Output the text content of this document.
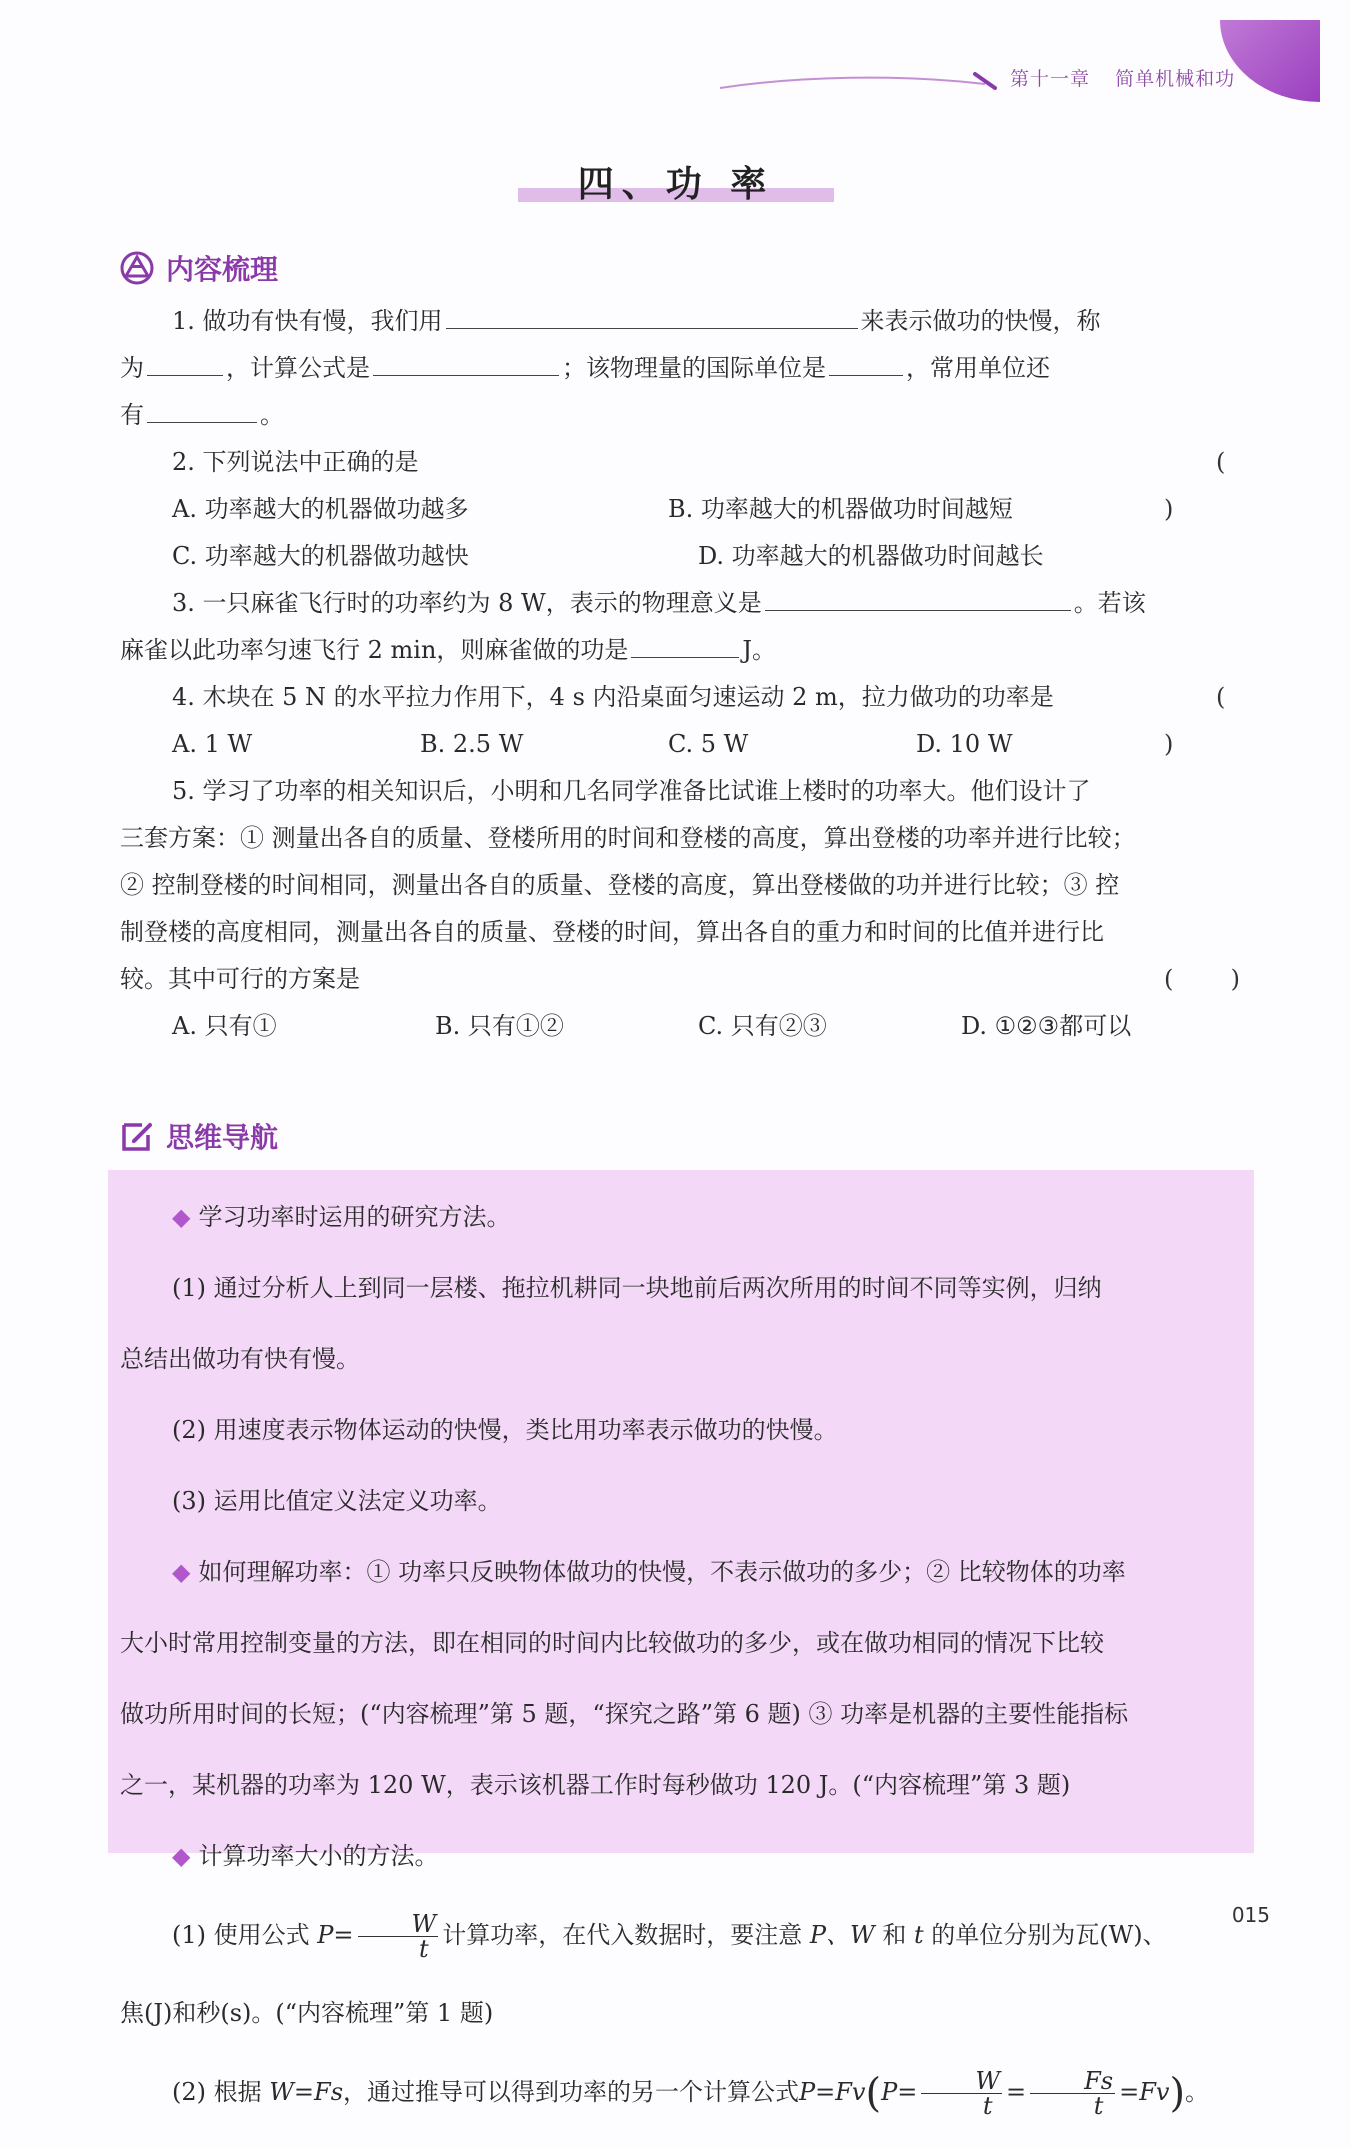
第十一章 简单机械和功
四、功 率
内容梳理

1. 做功有快有慢，我们用	来表示做功的快慢，称

为	，计算公式是	；该物理量的国际单位是	，常用单位还

有	。

( )
2. 下列说法中正确的是

A. 功率越大的机器做功越多	B. 功率越大的机器做功时间越短
C. 功率越大的机器做功越快	D. 功率越大的机器做功时间越长

3. 一只麻雀飞行时的功率约为 8 W，表示的物理意义是	。若该

麻雀以此功率匀速飞行 2 min，则麻雀做的功是	J。

( )
4. 木块在 5 N 的水平拉力作用下，4 s 内沿桌面匀速运动 2 m，拉力做功的功率是

A. 1 W	B. 2.5 W	C. 5 W	D. 10 W

5. 学习了功率的相关知识后，小明和几名同学准备比试谁上楼时的功率大。他们设计了

三套方案：① 测量出各自的质量、登楼所用的时间和登楼的高度，算出登楼的功率并进行比较；

② 控制登楼的时间相同，测量出各自的质量、登楼的高度，算出登楼做的功并进行比较；③ 控

制登楼的高度相同，测量出各自的质量、登楼的时间，算出各自的重力和时间的比值并进行比

( )
较。其中可行的方案是

A. 只有①	B. 只有①②	C. 只有②③	D. ①②③都可以
思维导航

◆ 学习功率时运用的研究方法。

(1) 通过分析人上到同一层楼、拖拉机耕同一块地前后两次所用的时间不同等实例，归纳

总结出做功有快有慢。

(2) 用速度表示物体运动的快慢，类比用功率表示做功的快慢。

(3) 运用比值定义法定义功率。

◆ 如何理解功率：① 功率只反映物体做功的快慢，不表示做功的多少；② 比较物体的功率

大小时常用控制变量的方法，即在相同的时间内比较做功的多少，或在做功相同的情况下比较

做功所用时间的长短；(“内容梳理”第 5 题，“探究之路”第 6 题) ③ 功率是机器的主要性能指标

之一，某机器的功率为 120 W，表示该机器工作时每秒做功 120 J。(“内容梳理”第 3 题)

◆ 计算功率大小的方法。

(1) 使用公式 $P= \frac{W}{t}$ 计算功率，在代入数据时，要注意 P、W 和 t 的单位分别为瓦(W)、

焦(J)和秒(s)。(“内容梳理”第 1 题)

(2) 根据 W=Fs，通过推导可以得到功率的另一个计算公式$P=Fv(P= \frac{W}{t} = \frac{Fs}{t} =Fv)$。

015
